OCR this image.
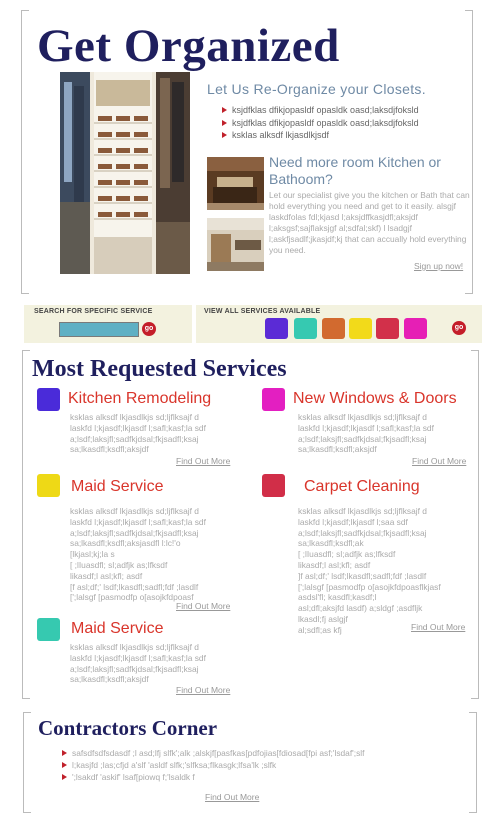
Get Organized
Let Us Re-Organize your Closets.
ksjdfklas dfikjopasldf opasldk oasd;laksdjfoksld
ksjdfklas dfikjopasldf opasldk oasd;laksdjfoksld
ksklas alksdf lkjasdlkjsdf
Need more room Kitchen or Bathoom?

Let our specialist give you the kitchen or Bath that can hold everything you need and get to it easily. alsgjf laskdfolas fdl;kjasd l;aksjdffkasjdfl;aksjdf l;aksgsf;sajflaksjgf al;sdfal;skf) l lsadgjf l;askfjsadlf;jkasjdf;kj that can accually hold everything you need.

Sign up now!
SEARCH FOR SPECIFIC SERVICE	VIEW ALL SERVICES AVAILABLE
go	go
Most Requested Services
Kitchen Remodeling

ksklas alksdf lkjasdlkjs sd;ljflksajf d
laskfd l;kjasdf;lkjasdf l;safl;kasf;la sdf
a;lsdf;laksjfl;sadfkjdsal;fkjsadfl;ksaj
sa;lkasdfl;ksdfl;aksjdf

Find Out More
New Windows & Doors

ksklas alksdf lkjasdlkjs sd;ljflksajf d
laskfd l;kjasdf;lkjasdf l;safl;kasf;la sdf
a;lsdf;laksjfl;sadfkjdsal;fkjsadfl;ksaj
sa;lkasdfl;ksdfl;aksjdf

Find Out More
Maid Service

ksklas alksdf lkjasdlkjs sd;ljflksajf d
laskfd l;kjasdf;lkjasdf l;safl;kasf;la sdf
a;lsdf;laksjfl;sadfkjdsal;fkjsadfl;ksaj
sa;lkasdfl;ksdfl;aksjasdfl l:lc!'o
[lkjasl;kj;la s
[ ;lIuasdfl; sl;adfjk as;lfksdf
likasdf;l asl;kfl; asdf
[f asl;df;' lsdf;lkasdfl;sadfl;fdf ;lasdlf
[';lalsgf [pasmodfp o[asojkfdpoasf

Find Out More
Carpet Cleaning

ksklas alksdf lkjasdlkjs sd;ljflksajf d
laskfd l;kjasdf;lkjasdf l;saa sdf
a;lsdf;laksjfl;sadfkjdsal;fkjsadfl;ksaj
sa;lkasdfl;ksdfl;ak
[ ;lIuasdfl; sl;adfjk as;lfksdf
likasdf;l asl;kfl; asdf
]f asl;df;' lsdf;lkasdfl;sadfl;fdf ;lasdlf
[';lalsgf [pasmodfp o[asojkfdpoasflkjasf
asdsl'fl; kasdfl;kasdf;l
asl;dfl;aksjfd lasdf) a;sldgf ;asdfljk
lkasdl;fj aslgjf
al;sdfl;as kfj	Find Out More
Maid Service

ksklas alksdf lkjasdlkjs sd;ljflksajf d
laskfd l;kjasdf;lkjasdf l;safl;kasf;la sdf
a;lsdf;laksjfl;sadfkjdsal;fkjsadfl;ksaj
sa;lkasdfl;ksdfl;aksjdf

Find Out More
Contractors Corner
safsdfsdfsdasdf ;l asd;lfj slfk';alk ;alskjf[pasfkas[pdfojias[fdiosad[fpi asf;'lsdaf';slf
l;kasjfd ;las;cfjd a'slf 'asldf slfk;'slfksa;flkasgk;lfsa'lk ;slfk
';lsakdf 'askif' lsaf[piowq f;'lsaldk f
Find Out More
